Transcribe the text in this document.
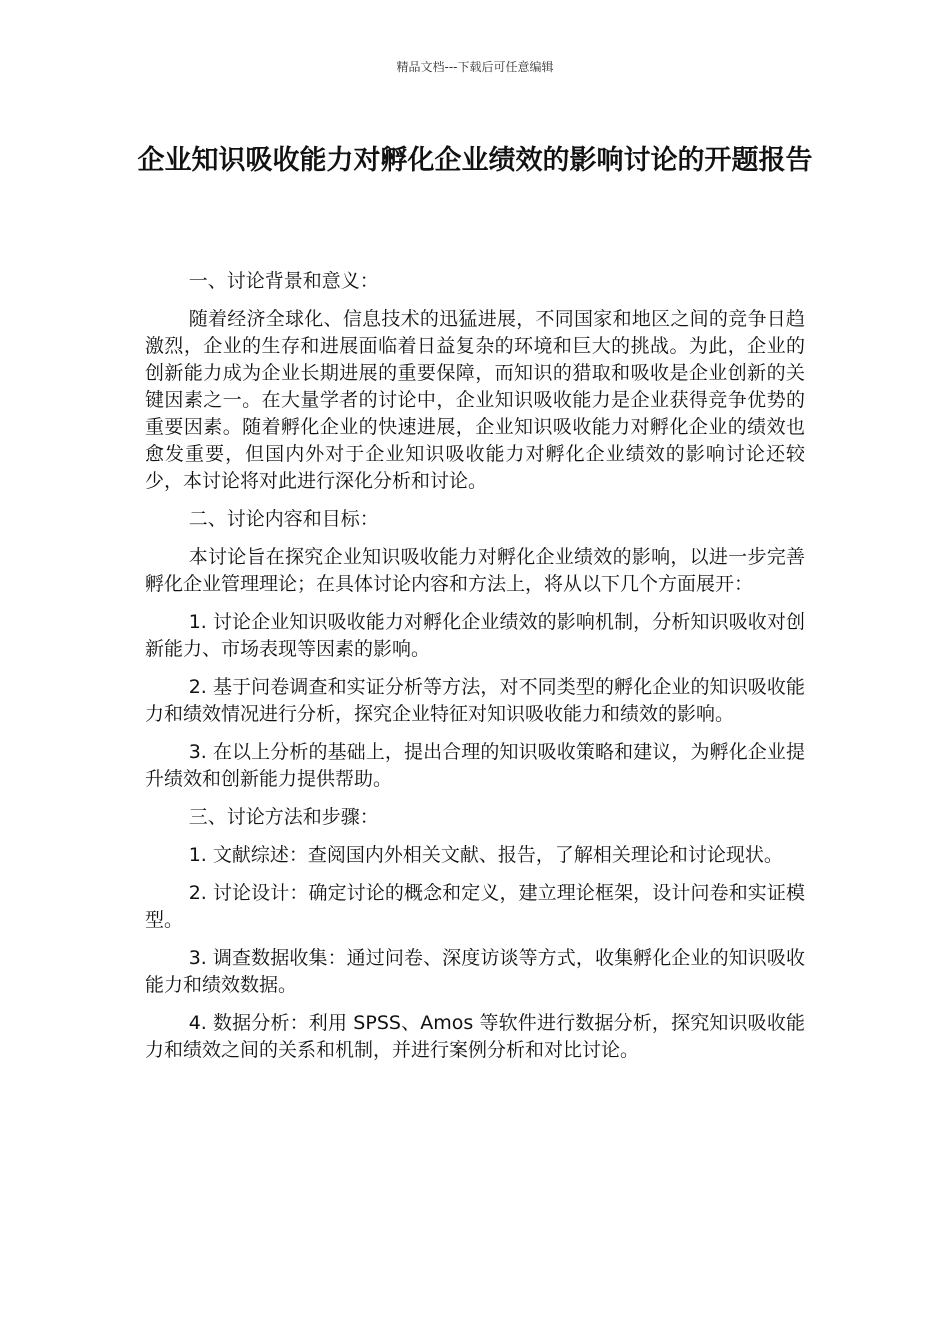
精品文档---下载后可任意编辑
企业知识吸收能力对孵化企业绩效的影响讨论的开题报告

一、讨论背景和意义：

随着经济全球化、信息技术的迅猛进展，不同国家和地区之间的竞争日趋激烈，企业的生存和进展面临着日益复杂的环境和巨大的挑战。为此，企业的创新能力成为企业长期进展的重要保障，而知识的猎取和吸收是企业创新的关键因素之一。在大量学者的讨论中，企业知识吸收能力是企业获得竞争优势的重要因素。随着孵化企业的快速进展，企业知识吸收能力对孵化企业的绩效也愈发重要，但国内外对于企业知识吸收能力对孵化企业绩效的影响讨论还较少，本讨论将对此进行深化分析和讨论。

二、讨论内容和目标：

本讨论旨在探究企业知识吸收能力对孵化企业绩效的影响，以进一步完善孵化企业管理理论；在具体讨论内容和方法上，将从以下几个方面展开：

1. 讨论企业知识吸收能力对孵化企业绩效的影响机制，分析知识吸收对创新能力、市场表现等因素的影响。

2. 基于问卷调查和实证分析等方法，对不同类型的孵化企业的知识吸收能力和绩效情况进行分析，探究企业特征对知识吸收能力和绩效的影响。

3. 在以上分析的基础上，提出合理的知识吸收策略和建议，为孵化企业提升绩效和创新能力提供帮助。

三、讨论方法和步骤：

1. 文献综述：查阅国内外相关文献、报告，了解相关理论和讨论现状。

2. 讨论设计：确定讨论的概念和定义，建立理论框架，设计问卷和实证模型。

3. 调查数据收集：通过问卷、深度访谈等方式，收集孵化企业的知识吸收能力和绩效数据。

4. 数据分析：利用 SPSS、Amos 等软件进行数据分析，探究知识吸收能力和绩效之间的关系和机制，并进行案例分析和对比讨论。
